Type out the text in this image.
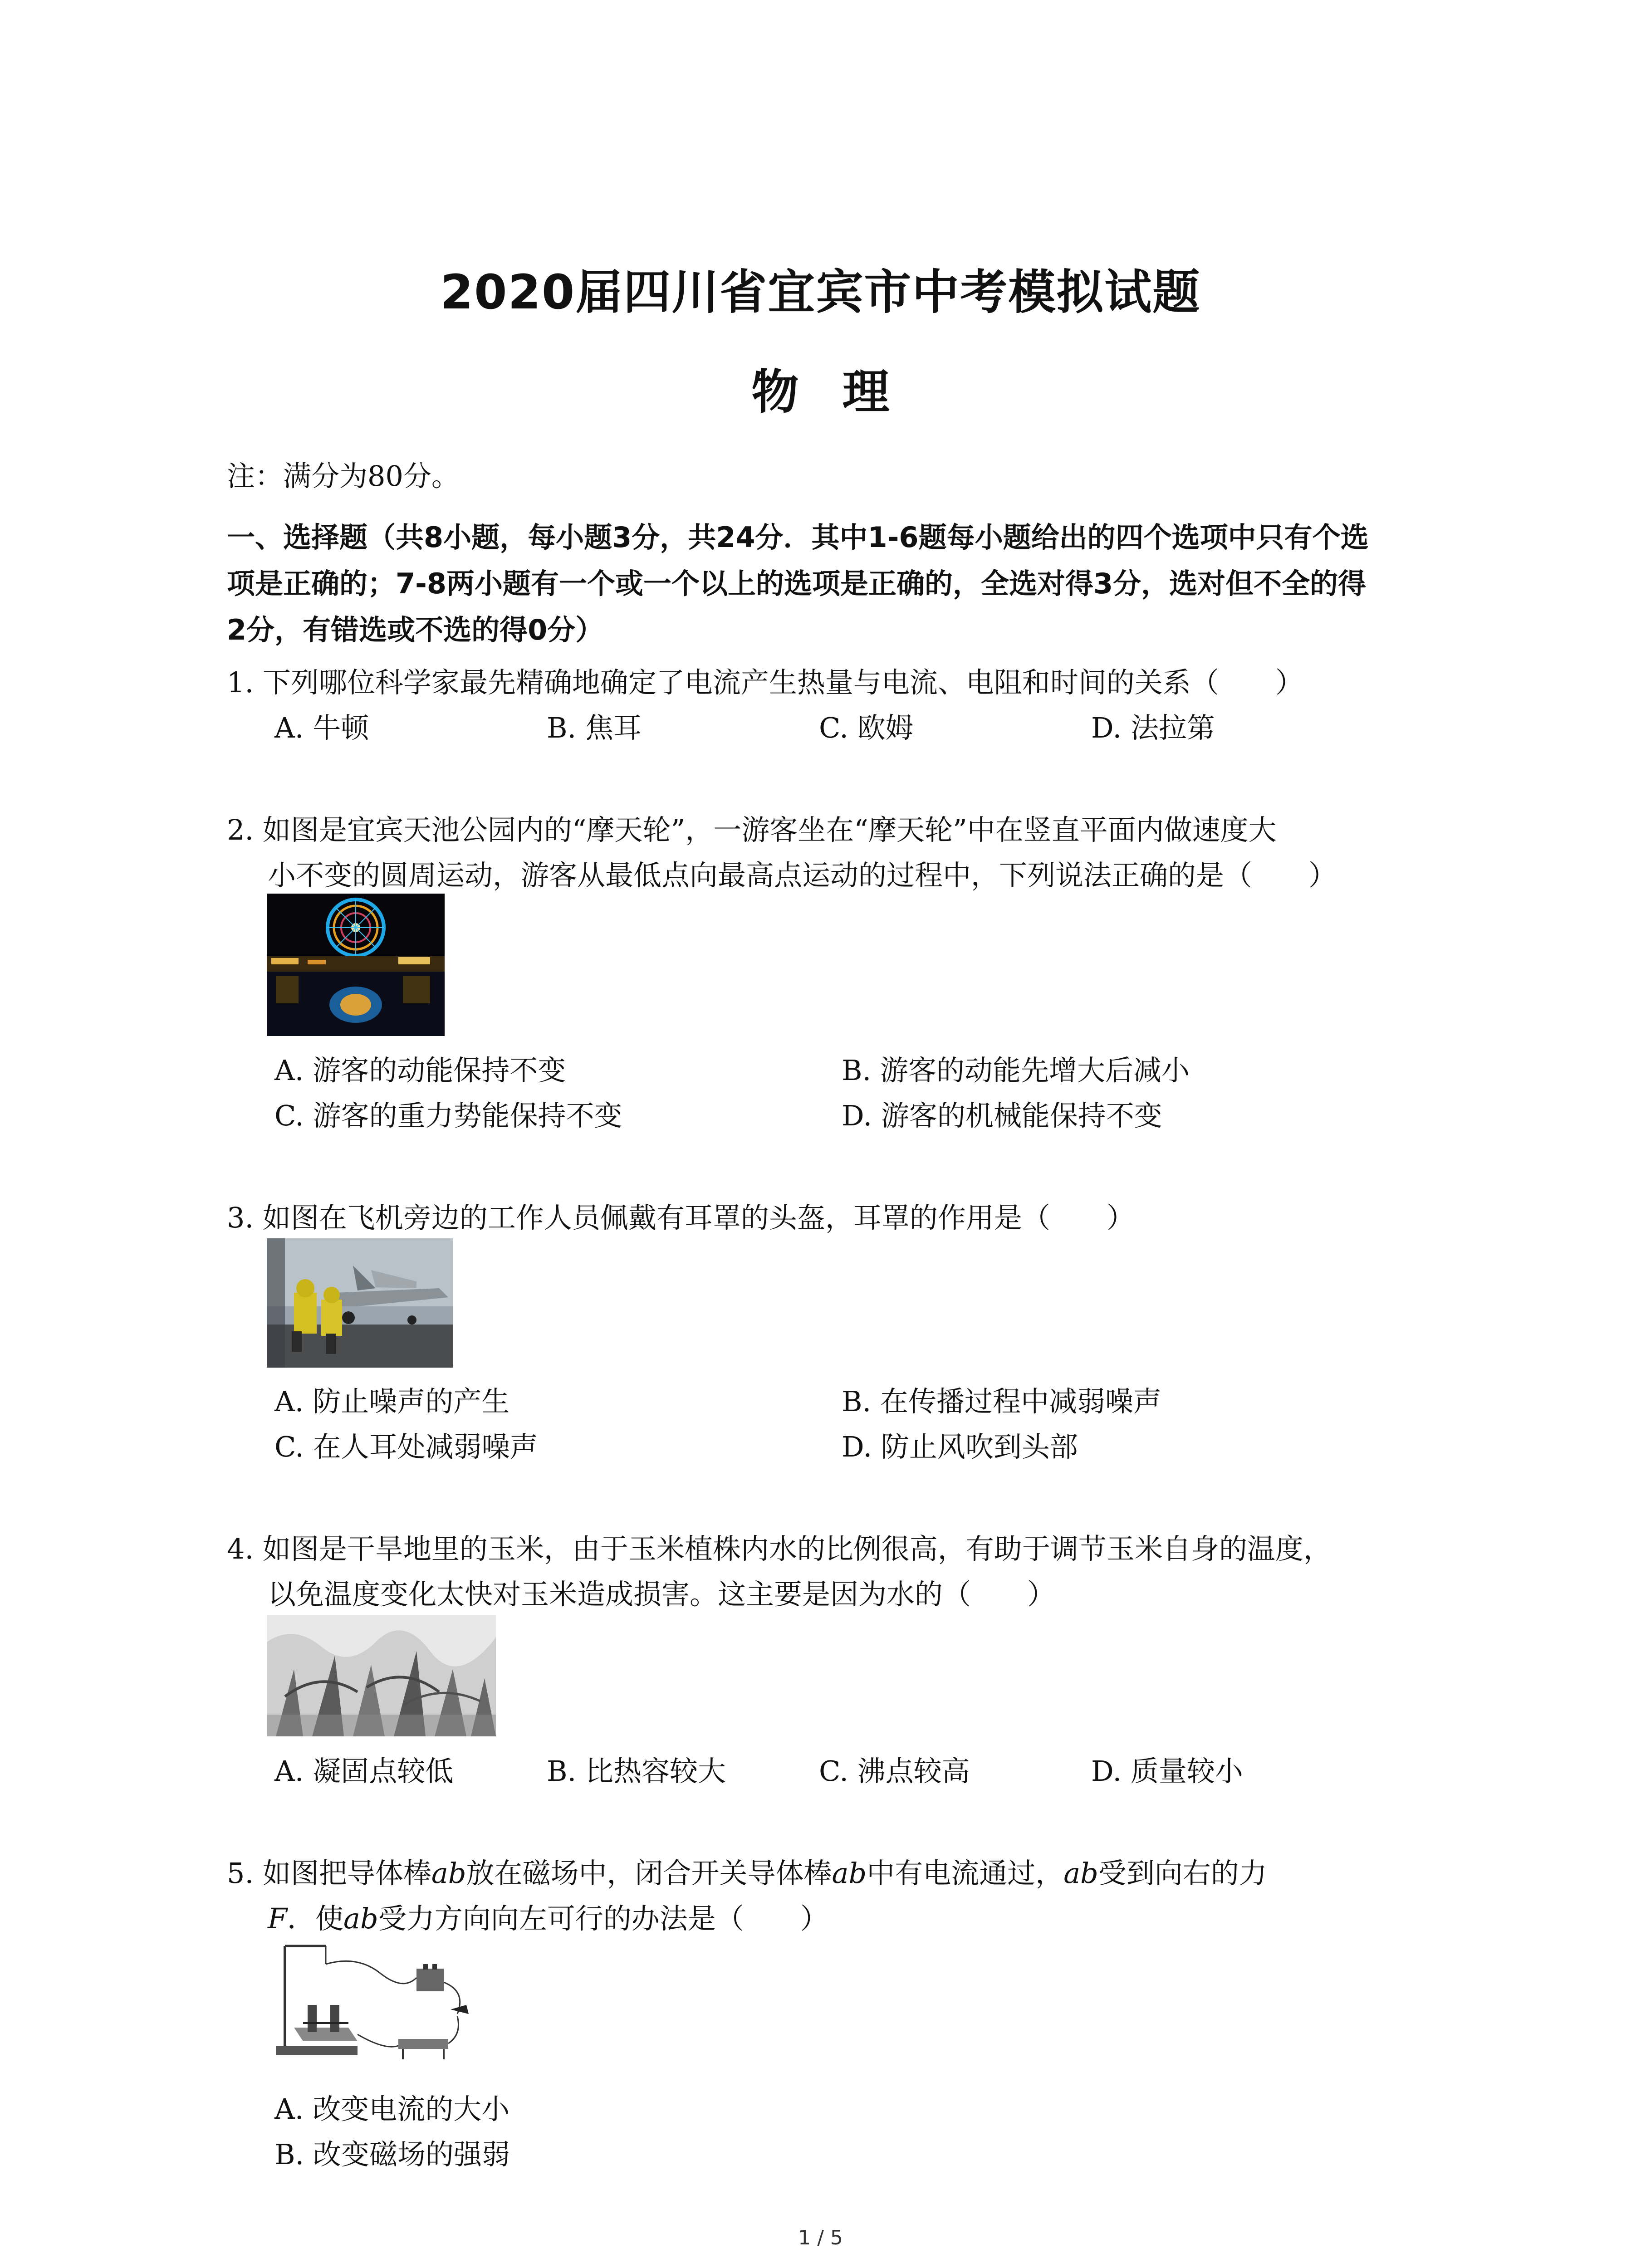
2020届四川省宜宾市中考模拟试题
物 理
注：满分为80分。
一、选择题（共8小题，每小题3分，共24分．其中1-6题每小题给出的四个选项中只有个选
项是正确的；7-8两小题有一个或一个以上的选项是正确的，全选对得3分，选对但不全的得
2分，有错选或不选的得0分）
1. 下列哪位科学家最先精确地确定了电流产生热量与电流、电阻和时间的关系（　　）
A. 牛顿	B. 焦耳	C. 欧姆	D. 法拉第
2. 如图是宜宾天池公园内的“摩天轮”，一游客坐在“摩天轮”中在竖直平面内做速度大
小不变的圆周运动，游客从最低点向最高点运动的过程中，下列说法正确的是（　　）
A. 游客的动能保持不变	B. 游客的动能先增大后减小
C. 游客的重力势能保持不变	D. 游客的机械能保持不变
3. 如图在飞机旁边的工作人员佩戴有耳罩的头盔，耳罩的作用是（　　）
A. 防止噪声的产生	B. 在传播过程中减弱噪声
C. 在人耳处减弱噪声	D. 防止风吹到头部
4. 如图是干旱地里的玉米，由于玉米植株内水的比例很高，有助于调节玉米自身的温度，
以免温度变化太快对玉米造成损害。这主要是因为水的（　　）
A. 凝固点较低	B. 比热容较大	C. 沸点较高	D. 质量较小
5. 如图把导体棒ab放在磁场中，闭合开关导体棒ab中有电流通过，ab受到向右的力
F．使ab受力方向向左可行的办法是（　　）
A. 改变电流的大小
B. 改变磁场的强弱
1 / 5
